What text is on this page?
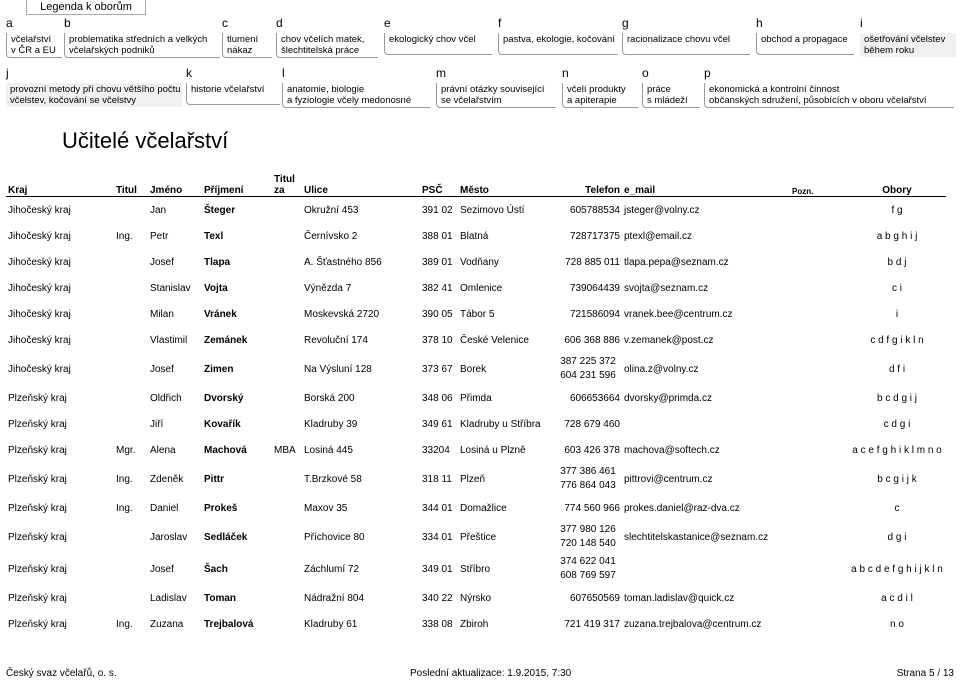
Legenda k oborům
a
včelařství
v ČR a EU
b
problematika středních a velkých
včelařských podniků
c
tlumení
nákaz
d
chov včelích matek,
šlechtitelská práce
e
ekologický chov včel
f
pastva, ekologie, kočování
g
racionalizace chovu včel
h
obchod a propagace
i
ošetřování včelstev
během roku
j
provozní metody při chovu většího počtu
včelstev, kočování se včelstvy
k
historie včelařství
l
anatomie, biologie
a fyziologie včely medonosné
m
právní otázky související
se včelařstvím
n
včelí produkty
a apiterapie
o
práce
s mládeží
p
ekonomická a kontrolní činnost
občanských sdružení, působících v oboru včelařství
Učitelé včelařství
Kraj	Titul	Jméno	Příjmení	Titul
za	Ulice	PSČ	Město	Telefon	e_mail	Pozn.	Obory
Jihočeský kraj		Jan	Šteger		Okružní 453	391 02	Sezimovo Ústí	605788534	jsteger@volny.cz		f g
Jihočeský kraj	Ing.	Petr	Texl		Černívsko 2	388 01	Blatná	728717375	ptexl@email.cz		a b g h i j
Jihočeský kraj		Josef	Tlapa		A. Šťastného 856	389 01	Vodňany	728 885 011	tlapa.pepa@seznam.cz		b d j
Jihočeský kraj		Stanislav	Vojta		Výnězda 7	382 41	Omlenice	739064439	svojta@seznam.cz		c i
Jihočeský kraj		Milan	Vránek		Moskevská 2720	390 05	Tábor 5	721586094	vranek.bee@centrum.cz		i
Jihočeský kraj		Vlastimil	Zemánek		Revoluční 174	378 10	České Velenice	606 368 886	v.zemanek@post.cz		c d f g i k l n
Jihočeský kraj		Josef	Zimen		Na Výsluní 128	373 67	Borek	387 225 372
604 231 596	olina.z@volny.cz		d f i
Plzeňský kraj		Oldřich	Dvorský		Borská 200	348 06	Přimda	606653664	dvorsky@primda.cz		b c d g i j
Plzeňský kraj		Jiří	Kovařík		Kladruby 39	349 61	Kladruby u Stříbra	728 679 460			c d g i
Plzeňský kraj	Mgr.	Alena	Machová	MBA	Losiná 445	33204	Losiná u Plzně	603 426 378	machova@softech.cz		a c e f g h i k l m n o
Plzeňský kraj	Ing.	Zdeněk	Pittr		T.Brzkové 58	318 11	Plzeň	377 386 461
776 864 043	pittrovi@centrum.cz		b c g i j k
Plzeňský kraj	Ing.	Daniel	Prokeš		Maxov 35	344 01	Domažlice	774 560 966	prokes.daniel@raz-dva.cz		c
Plzeňský kraj		Jaroslav	Sedláček		Příchovice 80	334 01	Přeštice	377 980 126
720 148 540	slechtitelskastanice@seznam.cz		d g i
Plzeňský kraj		Josef	Šach		Záchlumí 72	349 01	Stříbro	374 622 041
608 769 597			a b c d e f g h i j k l n
Plzeňský kraj		Ladislav	Toman		Nádražní 804	340 22	Nýrsko	607650569	toman.ladislav@quick.cz		a c d i l
Plzeňský kraj	Ing.	Zuzana	Trejbalová		Kladruby 61	338 08	Zbiroh	721 419 317	zuzana.trejbalova@centrum.cz		n o
Český svaz včelařů, o. s.	Poslední aktualizace: 1.9.2015, 7:30	Strana 5 / 13
